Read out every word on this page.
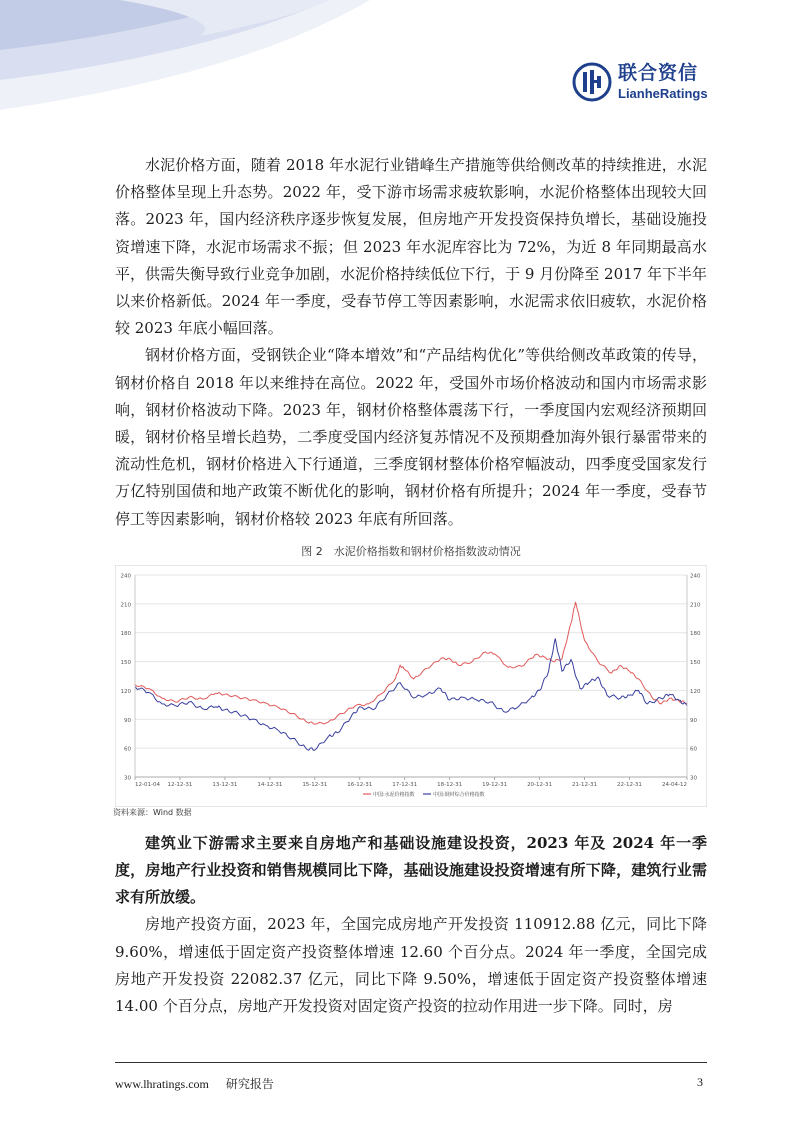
联合资信
LianheRatings

水泥价格方面，随着 2018 年水泥行业错峰生产措施等供给侧改革的持续推进，水泥价格整体呈现上升态势。2022 年，受下游市场需求疲软影响，水泥价格整体出现较大回落。2023 年，国内经济秩序逐步恢复发展，但房地产开发投资保持负增长，基础设施投资增速下降，水泥市场需求不振；但 2023 年水泥库容比为 72%，为近 8 年同期最高水平，供需失衡导致行业竞争加剧，水泥价格持续低位下行，于 9 月份降至 2017 年下半年以来价格新低。2024 年一季度，受春节停工等因素影响，水泥需求依旧疲软，水泥价格较 2023 年底小幅回落。

钢材价格方面，受钢铁企业“降本增效”和“产品结构优化”等供给侧改革政策的传导，钢材价格自 2018 年以来维持在高位。2022 年，受国外市场价格波动和国内市场需求影响，钢材价格波动下降。2023 年，钢材价格整体震荡下行，一季度国内宏观经济预期回暖，钢材价格呈增长趋势，二季度受国内经济复苏情况不及预期叠加海外银行暴雷带来的流动性危机，钢材价格进入下行通道，三季度钢材整体价格窄幅波动，四季度受国家发行万亿特别国债和地产政策不断优化的影响，钢材价格有所提升；2024 年一季度，受春节停工等因素影响，钢材价格较 2023 年底有所回落。

图 2　水泥价格指数和钢材价格指数波动情况
240	240
210	210
180	180
150	150
120	120
90	90
60	60
30	30
12-01-04 12-12-31	13-12-31	14-12-31	15-12-31	16-12-31	17-12-31	18-12-31	19-12-31	20-12-31	21-12-31	22-12-31	24-04-12
中国:水泥价格指数	中国:钢材综合价格指数
资料来源：Wind 数据

建筑业下游需求主要来自房地产和基础设施建设投资，2023 年及 2024 年一季度，房地产行业投资和销售规模同比下降，基础设施建设投资增速有所下降，建筑行业需求有所放缓。

房地产投资方面，2023 年，全国完成房地产开发投资 110912.88 亿元，同比下降 9.60%，增速低于固定资产投资整体增速 12.60 个百分点。2024 年一季度，全国完成房地产开发投资 22082.37 亿元，同比下降 9.50%，增速低于固定资产投资整体增速 14.00 个百分点，房地产开发投资对固定资产投资的拉动作用进一步下降。同时，房

www.lhratings.com 研究报告	3
